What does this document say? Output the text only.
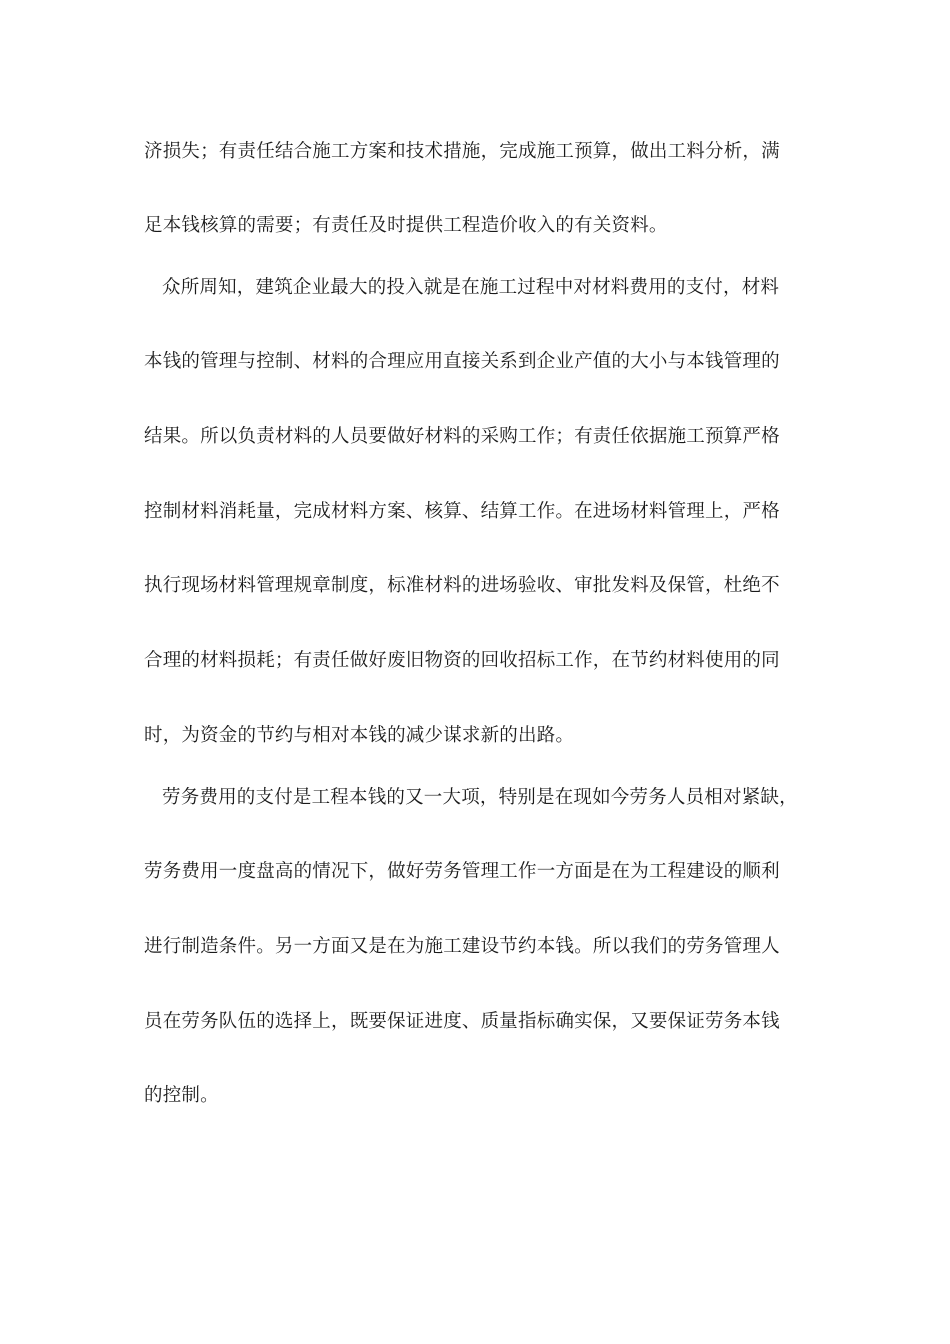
济损失；有责任结合施工方案和技术措施，完成施工预算，做出工料分析，满
足本钱核算的需要；有责任及时提供工程造价收入的有关资料。
众所周知，建筑企业最大的投入就是在施工过程中对材料费用的支付，材料
本钱的管理与控制、材料的合理应用直接关系到企业产值的大小与本钱管理的
结果。所以负责材料的人员要做好材料的采购工作；有责任依据施工预算严格
控制材料消耗量，完成材料方案、核算、结算工作。在进场材料管理上，严格
执行现场材料管理规章制度，标准材料的进场验收、审批发料及保管，杜绝不
合理的材料损耗；有责任做好废旧物资的回收招标工作，在节约材料使用的同
时，为资金的节约与相对本钱的减少谋求新的出路。
劳务费用的支付是工程本钱的又一大项，特别是在现如今劳务人员相对紧缺，
劳务费用一度盘高的情况下，做好劳务管理工作一方面是在为工程建设的顺利
进行制造条件。另一方面又是在为施工建设节约本钱。所以我们的劳务管理人
员在劳务队伍的选择上，既要保证进度、质量指标确实保，又要保证劳务本钱
的控制。
